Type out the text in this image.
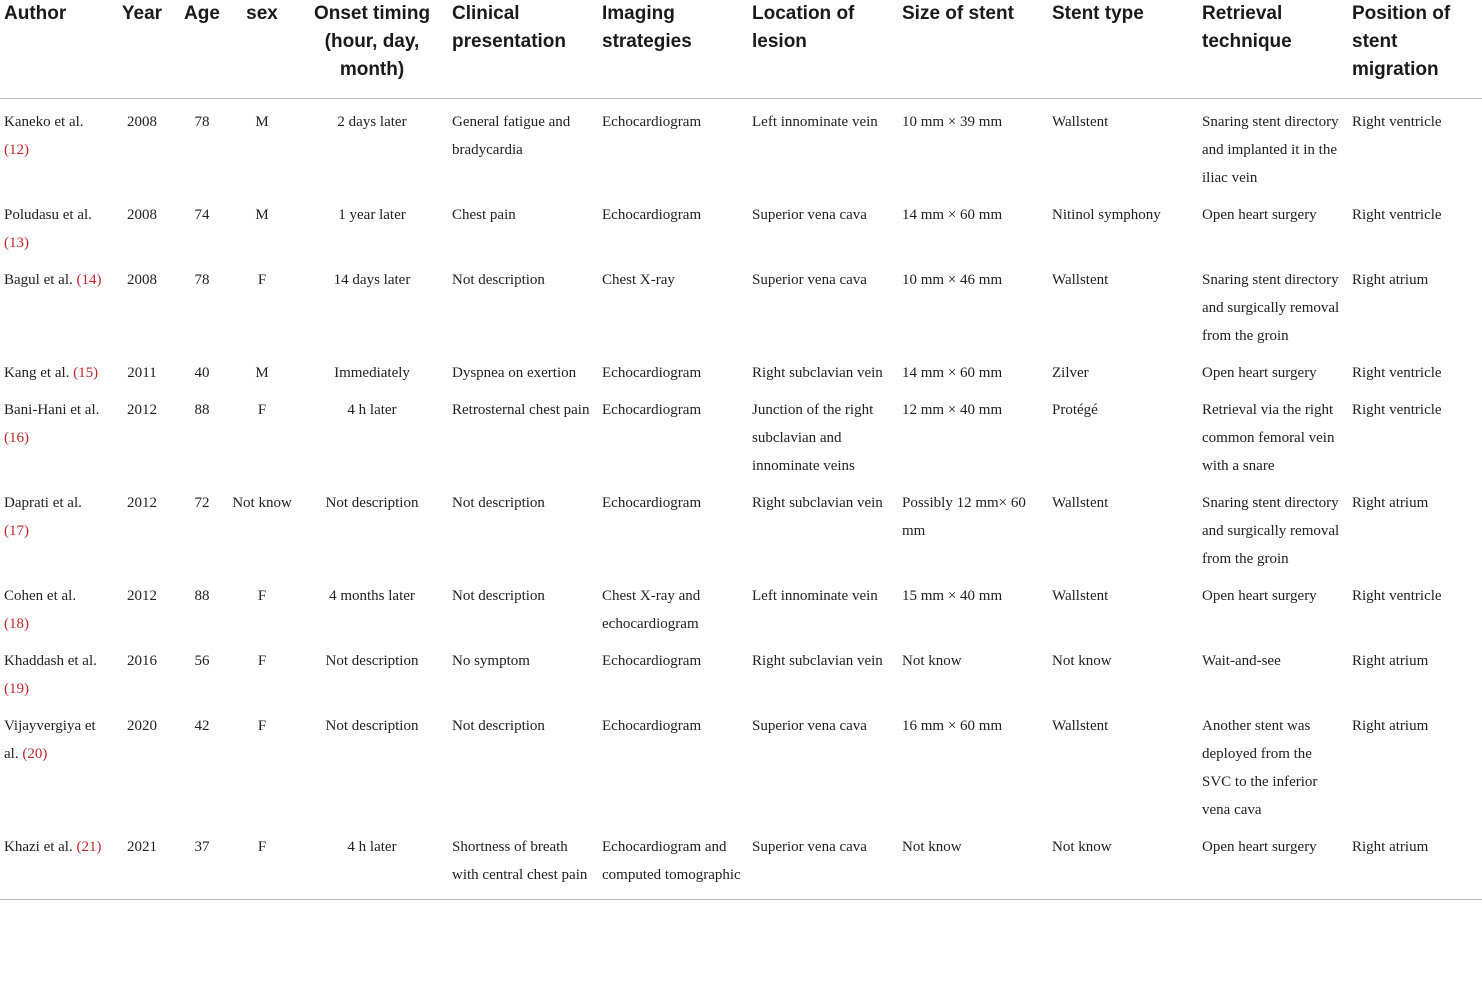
Author	Year	Age	sex	Onset timing (hour, day, month)	Clinical presentation	Imaging strategies	Location of lesion	Size of stent	Stent type	Retrieval technique	Position of stent migration
Kaneko et al. (12)	2008	78	M	2 days later	General fatigue and bradycardia	Echocardiogram	Left innominate vein	10 mm × 39 mm	Wallstent	Snaring stent directory and implanted it in the iliac vein	Right ventricle
Poludasu et al. (13)	2008	74	M	1 year later	Chest pain	Echocardiogram	Superior vena cava	14 mm × 60 mm	Nitinol symphony	Open heart surgery	Right ventricle
Bagul et al. (14)	2008	78	F	14 days later	Not description	Chest X-ray	Superior vena cava	10 mm × 46 mm	Wallstent	Snaring stent directory and surgically removal from the groin	Right atrium
Kang et al. (15)	2011	40	M	Immediately	Dyspnea on exertion	Echocardiogram	Right subclavian vein	14 mm × 60 mm	Zilver	Open heart surgery	Right ventricle
Bani-Hani et al. (16)	2012	88	F	4 h later	Retrosternal chest pain	Echocardiogram	Junction of the right subclavian and innominate veins	12 mm × 40 mm	Protégé	Retrieval via the right common femoral vein with a snare	Right ventricle
Daprati et al. (17)	2012	72	Not know	Not description	Not description	Echocardiogram	Right subclavian vein	Possibly 12 mm× 60 mm	Wallstent	Snaring stent directory and surgically removal from the groin	Right atrium
Cohen et al. (18)	2012	88	F	4 months later	Not description	Chest X-ray and echocardiogram	Left innominate vein	15 mm × 40 mm	Wallstent	Open heart surgery	Right ventricle
Khaddash et al. (19)	2016	56	F	Not description	No symptom	Echocardiogram	Right subclavian vein	Not know	Not know	Wait-and-see	Right atrium
Vijayvergiya et al. (20)	2020	42	F	Not description	Not description	Echocardiogram	Superior vena cava	16 mm × 60 mm	Wallstent	Another stent was deployed from the SVC to the inferior vena cava	Right atrium
Khazi et al. (21)	2021	37	F	4 h later	Shortness of breath with central chest pain	Echocardiogram and computed tomographic	Superior vena cava	Not know	Not know	Open heart surgery	Right atrium
